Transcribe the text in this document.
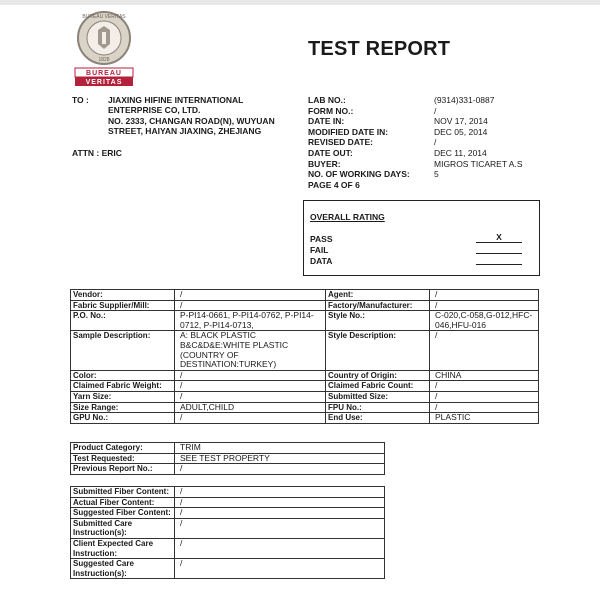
BUREAU VERITAS
1828
BUREAU
VERITAS
TEST REPORT
TO : JIAXING HIFINE INTERNATIONAL
ENTERPRISE CO, LTD.
NO. 2333, CHANGAN ROAD(N), WUYUAN
STREET, HAIYAN JIAXING, ZHEJIANG
ATTN : ERIC
LAB NO.:	(9314)331-0887
FORM NO.:	/
DATE IN:	NOV 17, 2014
MODIFIED DATE IN:	DEC 05, 2014
REVISED DATE:	/
DATE OUT:	DEC 11, 2014
BUYER:	MIGROS TICARET A.S
NO. OF WORKING DAYS:	5
PAGE 4 OF 6
OVERALL RATING
PASS	X
FAIL
DATA
Vendor:	/	Agent:	/
Fabric Supplier/Mill:	/	Factory/Manufacturer:	/
P.O. No.:	P-PI14-0661, P-PI14-0762, P-PI14-0712, P-PI14-0713,	Style No.:	C-020,C-058,G-012,HFC-046,HFU-016
Sample Description:	A: BLACK PLASTIC B&C&D&E:WHITE PLASTIC (COUNTRY OF DESTINATION:TURKEY)	Style Description:	/
Color:	/	Country of Origin:	CHINA
Claimed Fabric Weight:	/	Claimed Fabric Count:	/
Yarn Size:	/	Submitted Size:	/
Size Range:	ADULT,CHILD	FPU No.:	/
GPU No.:	/	End Use:	PLASTIC
Product Category:	TRIM
Test Requested:	SEE TEST PROPERTY
Previous Report No.:	/
Submitted Fiber Content:	/
Actual Fiber Content:	/
Suggested Fiber Content:	/
Submitted Care Instruction(s):	/
Client Expected Care Instruction:	/
Suggested Care Instruction(s):	/
